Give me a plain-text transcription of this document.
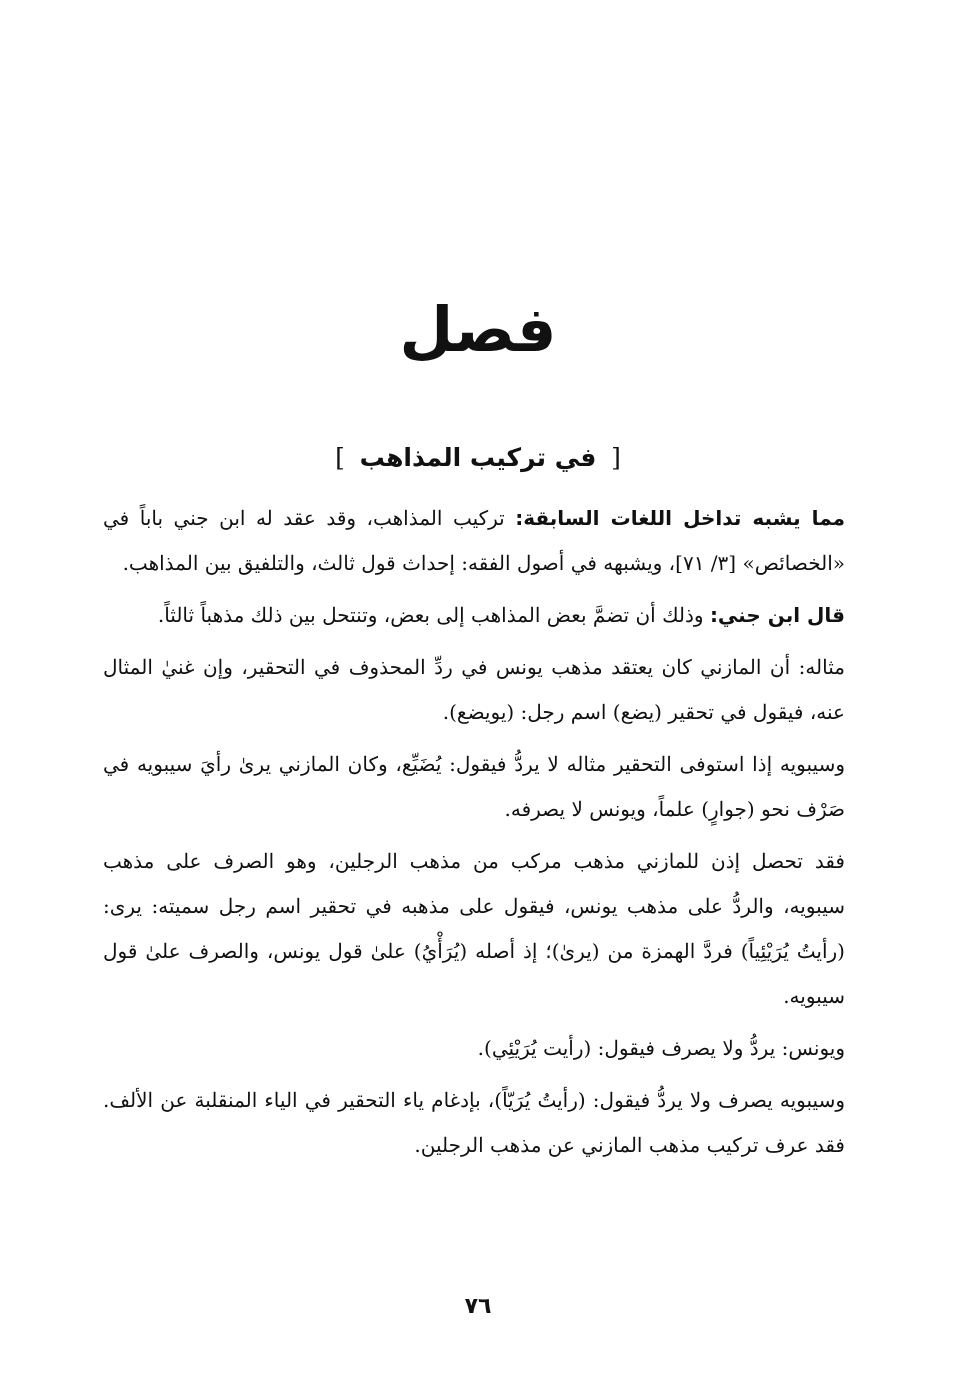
فصل
[ في تركيب المذاهب ]

مما يشبه تداخل اللغات السابقة: تركيب المذاهب، وقد عقد له ابن جني باباً في «الخصائص» [٣/ ٧١]، ويشبهه في أصول الفقه: إحداث قول ثالث، والتلفيق بين المذاهب.

قال ابن جني: وذلك أن تضمَّ بعض المذاهب إلى بعض، وتنتحل بين ذلك مذهباً ثالثاً.

مثاله: أن المازني كان يعتقد مذهب يونس في ردِّ المحذوف في التحقير، وإن غنيٰ المثال عنه، فيقول في تحقير (يضع) اسم رجل: (يويضع).

وسيبويه إذا استوفى التحقير مثاله لا يردُّ فيقول: يُضَيِّع، وكان المازني يرىٰ رأيَ سيبويه في صَرْف نحو (جوارٍ) علماً، ويونس لا يصرفه.

فقد تحصل إذن للمازني مذهب مركب من مذهب الرجلين، وهو الصرف على مذهب سيبويه، والردُّ على مذهب يونس، فيقول على مذهبه في تحقير اسم رجل سميته: يرى: (رأيتُ يُرَيْئِياً) فردَّ الهمزة من (يرىٰ)؛ إذ أصله (يُرَأْيُ) علىٰ قول يونس، والصرف علىٰ قول سيبويه.

ويونس: يردُّ ولا يصرف فيقول: (رأيت يُرَيْئِي).

وسيبويه يصرف ولا يردُّ فيقول: (رأيتُ يُرَيّاً)، بإدغام ياء التحقير في الياء المنقلبة عن الألف. فقد عرف تركيب مذهب المازني عن مذهب الرجلين.

٧٦
